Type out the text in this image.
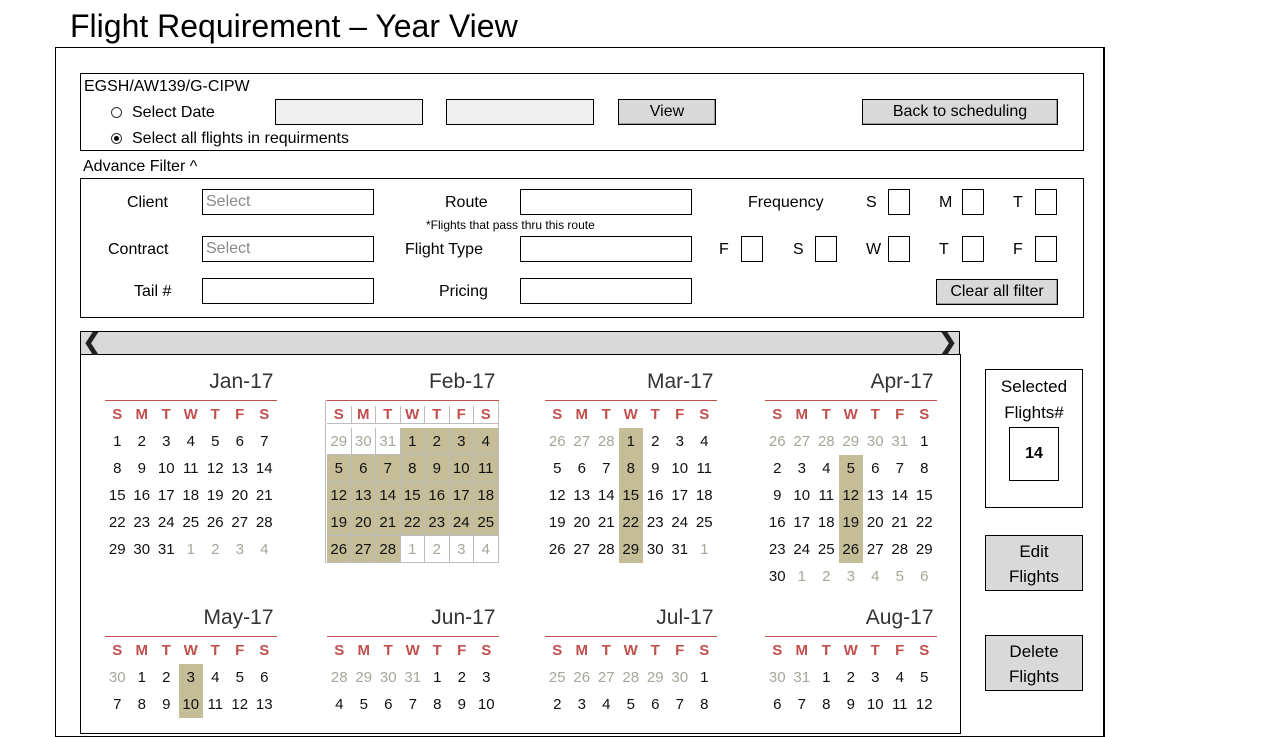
Flight Requirement – Year View
EGSH/AW139/G-CIPW
Select Date
Select all flights in requirments
View	Back to scheduling
Advance Filter ^
Client Select
Contract Select
Tail #
Route
*Flights that pass thru this route
Flight Type
Pricing
Frequency	S	M	T
F	S	W	T	F
Clear all filter
❮	❯
Jan-17
S M T W T	F S
1	2	3	4	5	6	7
8	9 10 11 12 13 14
15 16 17 18 19 20 21
22 23 24 25 26 27 28
29 30 31 1	2	3	4
Feb-17
S M T W T	F S
29 30 31 1	2	3	4
5	6	7	8	9 10 11
12 13 14 15 16 17 18
19 20 21 22 23 24 25
26 27 28 1	2	3	4
Mar-17
S M T W T	F S
26 27 28 1	2	3	4
5	6	7	8	9 10 11
12 13 14 15 16 17 18
19 20 21 22 23 24 25
26 27 28 29 30 31 1
Apr-17
S M T W T	F S
26 27 28 29 30 31 1
2	3	4	5	6	7	8
9 10 11 12 13 14 15
16 17 18 19 20 21 22
23 24 25 26 27 28 29
30 1	2	3	4	5	6
May-17
S M T W T	F S
30 1	2	3	4	5	6
7	8	9 10 11 12 13
Jun-17
S M T W T	F S
28 29 30 31 1	2	3
4	5	6	7	8	9 10
Jul-17
S M T W T	F S
25 26 27 28 29 30 1
2	3	4	5	6	7	8
Aug-17
S M T W T	F S
30 31 1	2	3	4	5
6	7	8	9 10 11 12
Selected
Flights#
14
Edit
Flights
Delete
Flights
